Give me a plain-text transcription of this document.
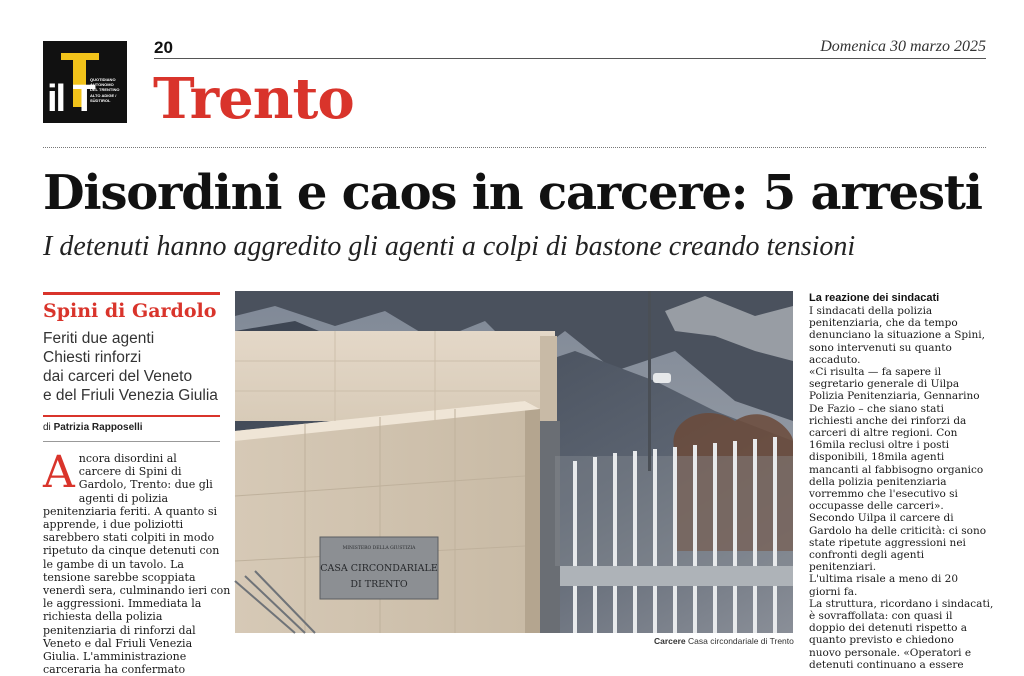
il T
QUOTIDIANO
AUTONOMO
DEL TRENTINO
ALTO ADIGE /
SÜDTIROL
20	Domenica 30 marzo 2025
Trento
Disordini e caos in carcere: 5 arresti
I detenuti hanno aggredito gli agenti a colpi di bastone creando tensioni
Spini di Gardolo
Feriti due agenti
Chiesti rinforzi
dai carceri del Veneto
e del Friuli Venezia Giulia
di Patrizia Rapposelli
A ncora disordini al
carcere di Spini di
Gardolo, Trento: due gli
agenti di polizia
penitenziaria feriti. A quanto si
apprende, i due poliziotti
sarebbero stati colpiti in modo
ripetuto da cinque detenuti con
le gambe di un tavolo. La
tensione sarebbe scoppiata
venerdì sera, culminando ieri con
le aggressioni. Immediata la
richiesta della polizia
penitenziaria di rinforzi dal
Veneto e dal Friuli Venezia
Giulia. L'amministrazione
carceraria ha confermato
MINISTERO DELLA GIUSTIZIA
CASA CIRCONDARIALE
DI TRENTO
Carcere Casa circondariale di Trento
La reazione dei sindacati
I sindacati della polizia
penitenziaria, che da tempo
denunciano la situazione a Spini,
sono intervenuti su quanto
accaduto.
«Ci risulta — fa sapere il
segretario generale di Uilpa
Polizia Penitenziaria, Gennarino
De Fazio – che siano stati
richiesti anche dei rinforzi da
carceri di altre regioni. Con
16mila reclusi oltre i posti
disponibili, 18mila agenti
mancanti al fabbisogno organico
della polizia penitenziaria
vorremmo che l'esecutivo si
occupasse delle carceri».
Secondo Uilpa il carcere di
Gardolo ha delle criticità: ci sono
state ripetute aggressioni nei
confronti degli agenti
penitenziari.
L'ultima risale a meno di 20
giorni fa.
La struttura, ricordano i sindacati,
è sovraffollata: con quasi il
doppio dei detenuti rispetto a
quanto previsto e chiedono
nuovo personale. «Operatori e
detenuti continuano a essere
